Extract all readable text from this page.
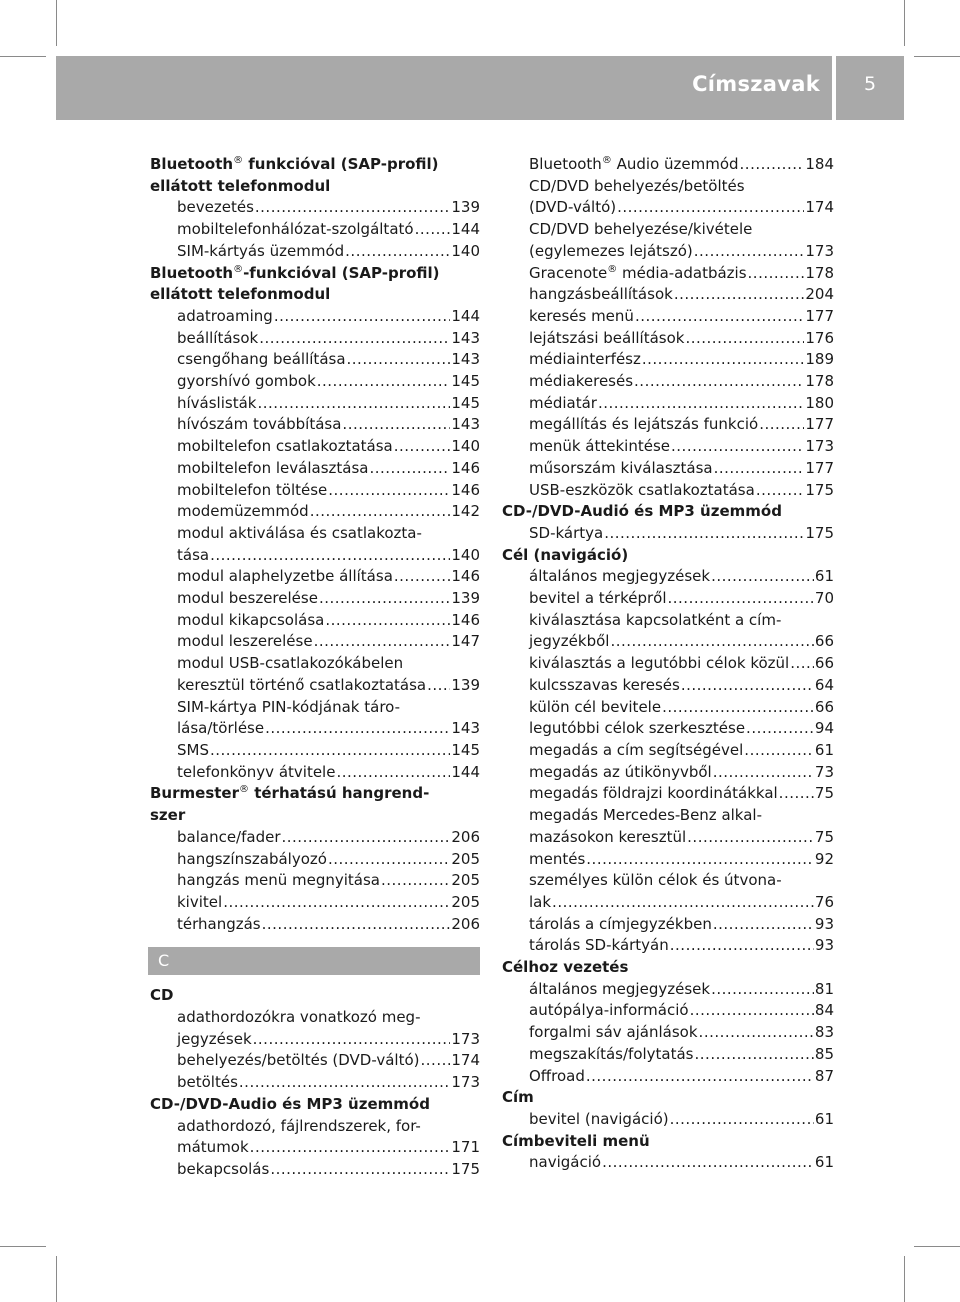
Címszavak	5
Bluetooth® funkcióval (SAP-profil)
ellátott telefonmodul
bevezetés .....	139
mobiltelefonhálózat-szolgáltató .....	144
SIM-kártyás üzemmód .....	140
Bluetooth®-funkcióval (SAP-profil)
ellátott telefonmodul
adatroaming .....	144
beállítások .....	143
csengőhang beállítása .....	143
gyorshívó gombok .....	145
híváslisták .....	145
hívószám továbbítása .....	143
mobiltelefon csatlakoztatása .....	140
mobiltelefon leválasztása .....	146
mobiltelefon töltése .....	146
modemüzemmód .....	142
modul aktiválása és csatlakozta-
tása .....	140
modul alaphelyzetbe állítása .....	146
modul beszerelése .....	139
modul kikapcsolása .....	146
modul leszerelése .....	147
modul USB-csatlakozókábelen
keresztül történő csatlakoztatása ..... 139
SIM-kártya PIN-kódjának táro-
lása/törlése .....	143
SMS .....	145
telefonkönyv átvitele .....	144
Burmester® térhatású hangrend-
szer
balance/fader .....	206
hangszínszabályozó .....	205
hangzás menü megnyitása .....	205
kivitel .....	205
térhangzás .....	206
C
CD
adathordozókra vonatkozó meg-
jegyzések .....	173
behelyezés/betöltés (DVD-váltó) ..... 174
betöltés .....	173
CD-/DVD-Audio és MP3 üzemmód
adathordozó, fájlrendszerek, for-
mátumok .....	171
bekapcsolás .....	175
Bluetooth® Audio üzemmód .....	184
CD/DVD behelyezés/betöltés
(DVD-váltó) .....	174
CD/DVD behelyezése/kivétele
(egylemezes lejátszó) .....	173
Gracenote® média-adatbázis .....	178
hangzásbeállítások .....	204
keresés menü .....	177
lejátszási beállítások .....	176
médiainterfész .....	189
médiakeresés .....	178
médiatár .....	180
megállítás és lejátszás funkció .....	177
menük áttekintése .....	173
műsorszám kiválasztása .....	177
USB-eszközök csatlakoztatása .....	175
CD-/DVD-Audió és MP3 üzemmód
SD-kártya .....	175
Cél (navigáció)
általános megjegyzések .....	61
bevitel a térképről .....	70
kiválasztása kapcsolatként a cím-
jegyzékből .....	66
kiválasztás a legutóbbi célok közül ..... 66
kulcsszavas keresés .....	64
külön cél bevitele .....	66
legutóbbi célok szerkesztése .....	94
megadás a cím segítségével .....	61
megadás az útikönyvből .....	73
megadás földrajzi koordinátákkal ..... 75
megadás Mercedes-Benz alkal-
mazásokon keresztül .....	75
mentés .....	92
személyes külön célok és útvona-
lak .....	76
tárolás a címjegyzékben .....	93
tárolás SD-kártyán .....	93
Célhoz vezetés
általános megjegyzések .....	81
autópálya-információ .....	84
forgalmi sáv ajánlások .....	83
megszakítás/folytatás .....	85
Offroad .....	87
Cím
bevitel (navigáció) .....	61
Címbeviteli menü
navigáció .....	61
